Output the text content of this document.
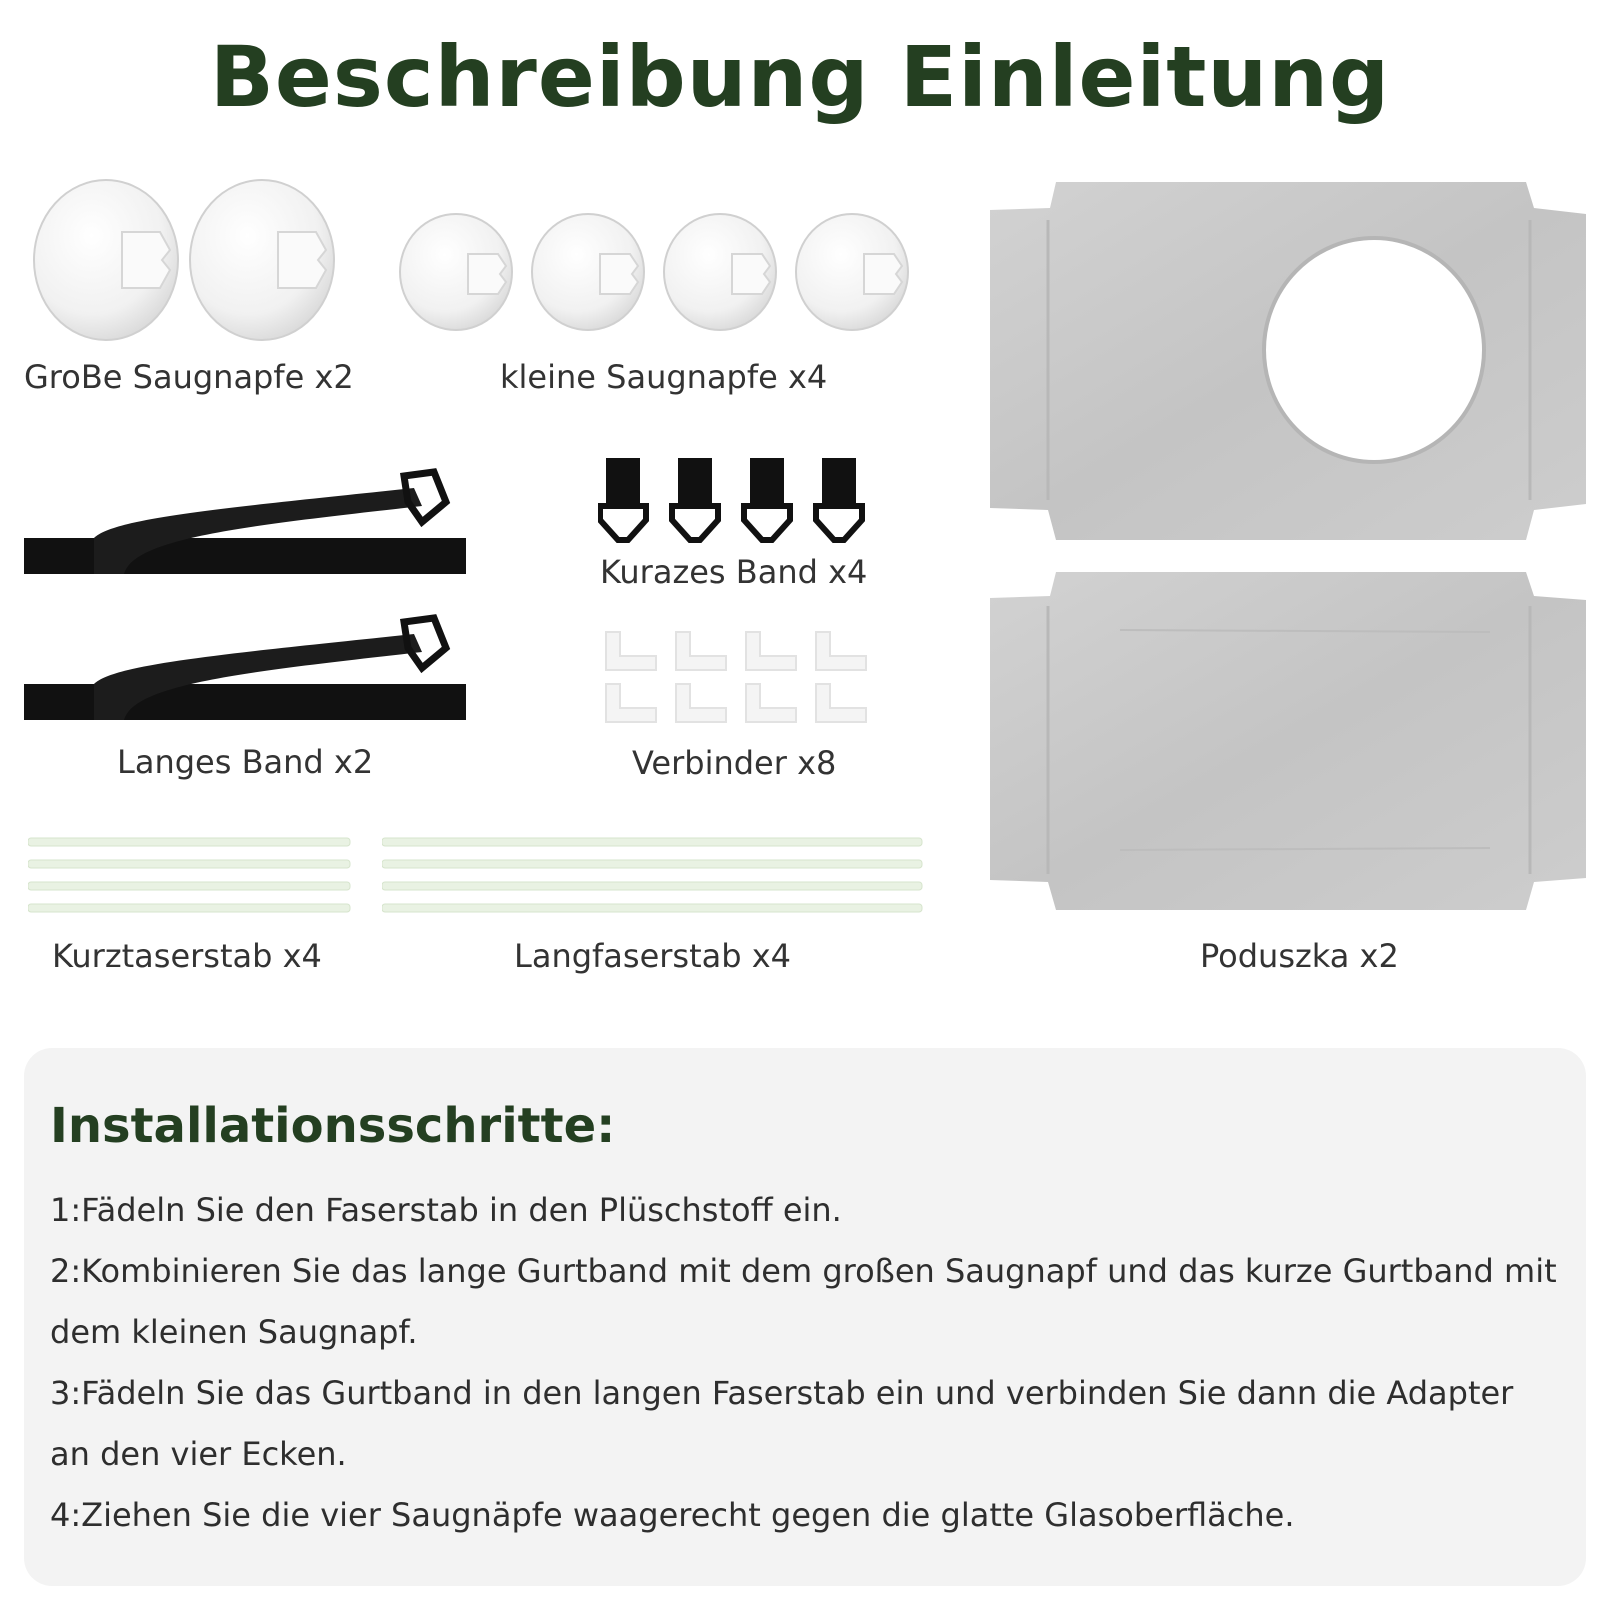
Beschreibung Einleitung
GroBe Saugnapfe x2	kleine Saugnapfe x4
Langes Band x2
Kurazes Band x4
Verbinder x8
Kurztaserstab x4	Langfaserstab x4	Poduszka x2
Installationsschritte:

1:Fädeln Sie den Faserstab in den Plüschstoff ein.

2:Kombinieren Sie das lange Gurtband mit dem großen Saugnapf und das kurze Gurtband mit dem kleinen Saugnapf.

3:Fädeln Sie das Gurtband in den langen Faserstab ein und verbinden Sie dann die Adapter an den vier Ecken.

4:Ziehen Sie die vier Saugnäpfe waagerecht gegen die glatte Glasoberfläche.
